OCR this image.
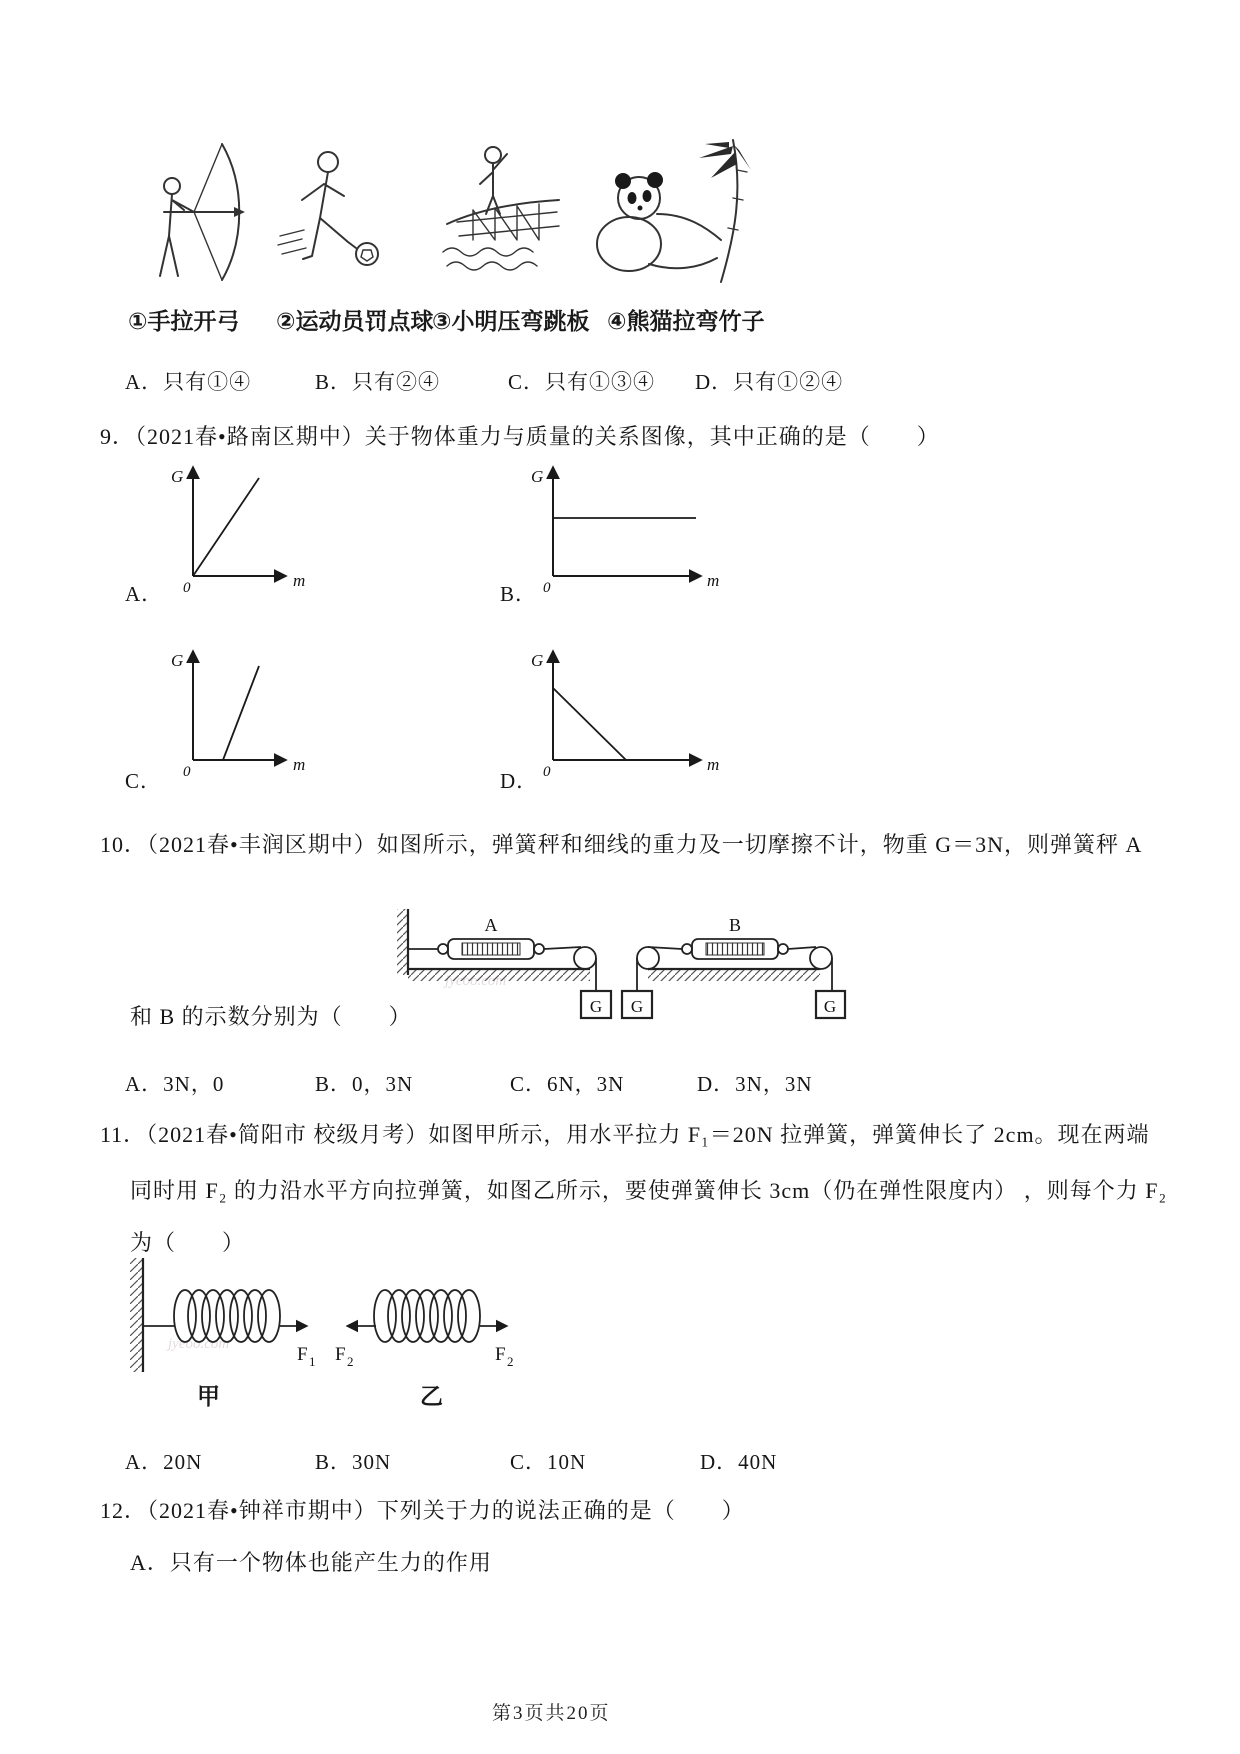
①手拉开弓 ②运动员罚点球
③小明压弯跳板 ④熊猫拉弯竹子
A．只有①④	B．只有②④	C．只有①③④ D．只有①②④
9．（2021春•路南区期中）关于物体重力与质量的关系图像，其中正确的是（　　）
G
0	m
G
0	m
G
0	m
G
0	m
A．	B．
C．	D．
10．（2021春•丰润区期中）如图所示，弹簧秤和细线的重力及一切摩擦不计，物重 G＝3N，则弹簧秤 A
A
G G
B
G
和 B 的示数分别为（　　）
A．3N，0	B．0，3N	C．6N，3N	D．3N，3N
11．（2021春•简阳市 校级月考）如图甲所示，用水平拉力 F₁＝20N 拉弹簧，弹簧伸长了 2cm。现在两端
同时用 F₂ 的力沿水平方向拉弹簧，如图乙所示，要使弹簧伸长 3cm（仍在弹性限度内） ，则每个力 F₂
为（　　）
jyeoo.com	F 1 F 2	F 2
甲	乙
A．20N	B．30N	C．10N	D．40N
12．（2021春•钟祥市期中）下列关于力的说法正确的是（　　）
A．只有一个物体也能产生力的作用
第3页共20页
